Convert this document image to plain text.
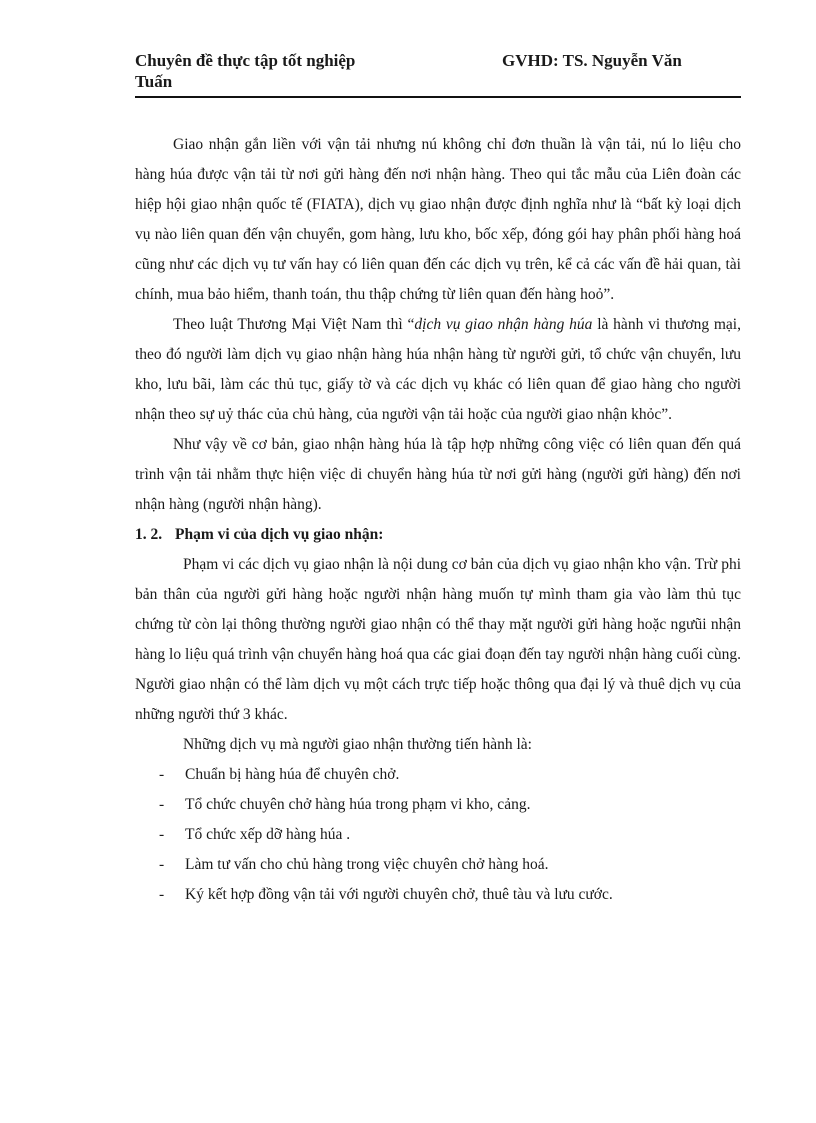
Chuyên đề thực tập tốt nghiệp	GVHD: TS. Nguyễn Văn
Tuấn

Giao nhận gắn liền với vận tải nhưng nú không chỉ đơn thuần là vận tải, nú lo liệu cho hàng húa được vận tải từ nơi gửi hàng đến nơi nhận hàng. Theo qui tắc mẫu của Liên đoàn các hiệp hội giao nhận quốc tế (FIATA), dịch vụ giao nhận được định nghĩa như là “bất kỳ loại dịch vụ nào liên quan đến vận chuyển, gom hàng, lưu kho, bốc xếp, đóng gói hay phân phối hàng hoá cũng như các dịch vụ tư vấn hay có liên quan đến các dịch vụ trên, kể cả các vấn đề hải quan, tài chính, mua bảo hiểm, thanh toán, thu thập chứng từ liên quan đến hàng hoỏ”.

Theo luật Thương Mại Việt Nam thì “dịch vụ giao nhận hàng húa là hành vi thương mại, theo đó người làm dịch vụ giao nhận hàng húa nhận hàng từ người gửi, tổ chức vận chuyển, lưu kho, lưu bãi, làm các thủ tục, giấy tờ và các dịch vụ khác có liên quan để giao hàng cho người nhận theo sự uỷ thác của chủ hàng, của người vận tải hoặc của người giao nhận khỏc”.

Như vậy về cơ bản, giao nhận hàng húa là tập hợp những công việc có liên quan đến quá trình vận tải nhằm thực hiện việc di chuyển hàng húa từ nơi gửi hàng (người gửi hàng) đến nơi nhận hàng (người nhận hàng).

1. 2. Phạm vi của dịch vụ giao nhận:

Phạm vi các dịch vụ giao nhận là nội dung cơ bản của dịch vụ giao nhận kho vận. Trừ phi bản thân của người gửi hàng hoặc người nhận hàng muốn tự mình tham gia vào làm thủ tục chứng từ còn lại thông thường người giao nhận có thể thay mặt người gửi hàng hoặc ngưũi nhận hàng lo liệu quá trình vận chuyển hàng hoá qua các giai đoạn đến tay người nhận hàng cuối cùng. Người giao nhận có thể làm dịch vụ một cách trực tiếp hoặc thông qua đại lý và thuê dịch vụ của những người thứ 3 khác.

Những dịch vụ mà người giao nhận thường tiến hành là:

- Chuẩn bị hàng húa để chuyên chở.
- Tổ chức chuyên chở hàng húa trong phạm vi kho, cảng.
- Tổ chức xếp dỡ hàng húa .
- Làm tư vấn cho chủ hàng trong việc chuyên chở hàng hoá.
- Ký kết hợp đồng vận tải với người chuyên chở, thuê tàu và lưu cước.
